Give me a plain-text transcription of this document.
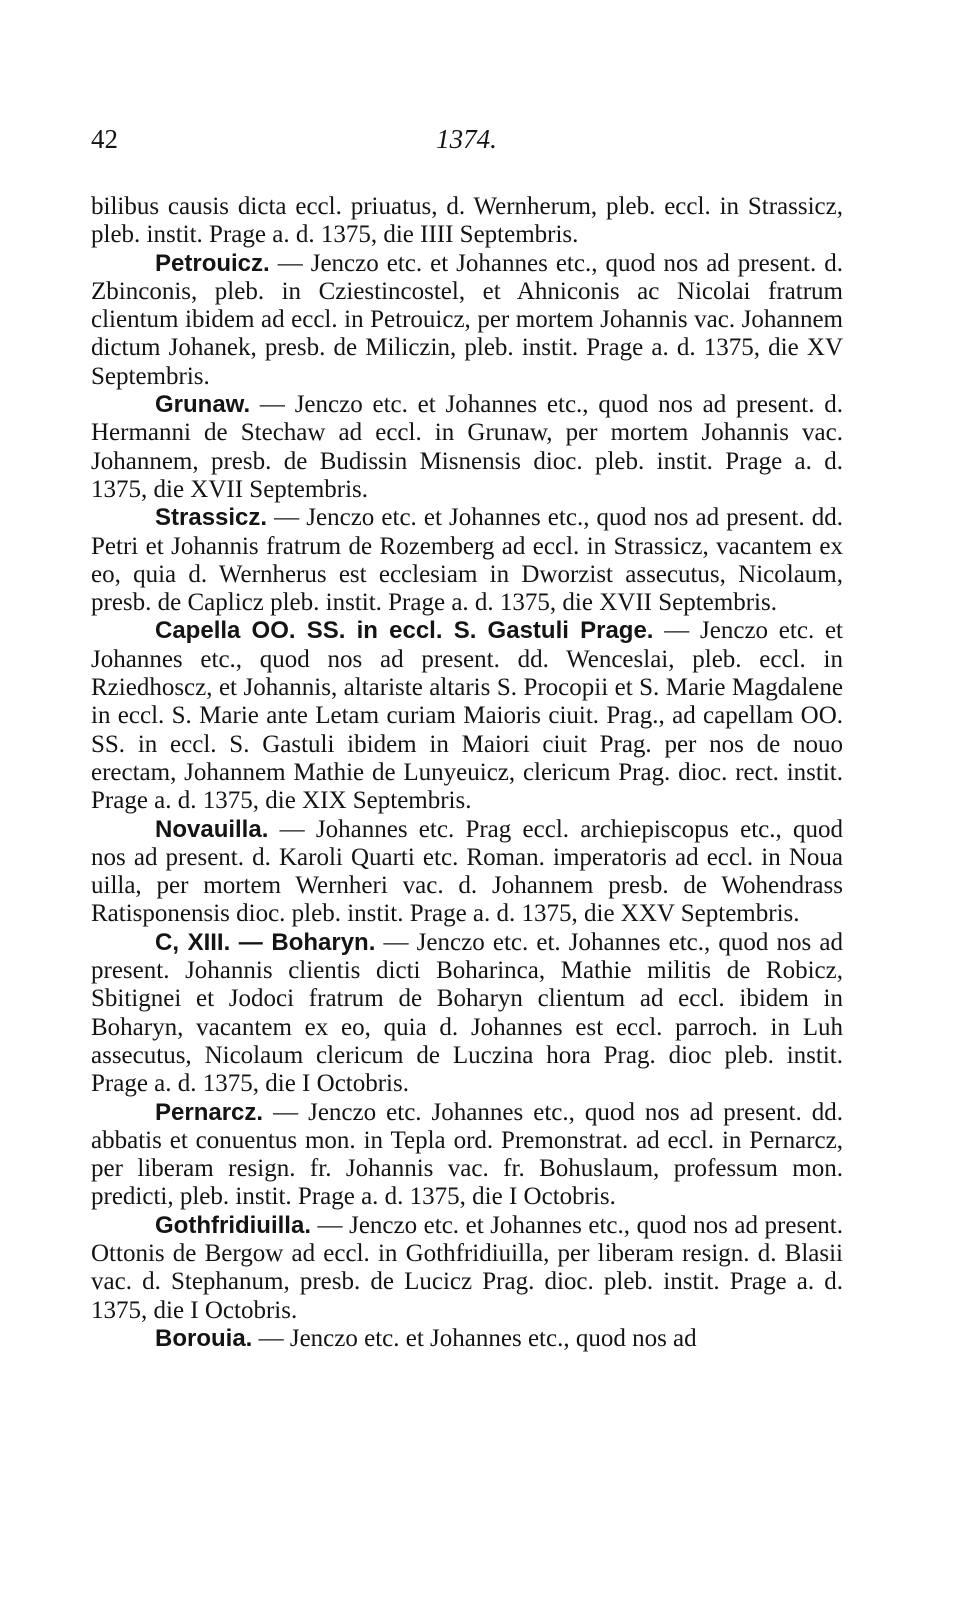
42	1374.

bilibus causis dicta eccl. priuatus, d. Wernherum, pleb. eccl. in Strassicz, pleb. instit. Prage a. d. 1375, die IIII Septembris.

Petrouicz. — Jenczo etc. et Johannes etc., quod nos ad present. d. Zbinconis, pleb. in Cziestincostel, et Ahniconis ac Nicolai fratrum clientum ibidem ad eccl. in Petrouicz, per mortem Johannis vac. Johannem dictum Johanek, presb. de Miliczin, pleb. instit. Prage a. d. 1375, die XV Septembris.

Grunaw. — Jenczo etc. et Johannes etc., quod nos ad present. d. Hermanni de Stechaw ad eccl. in Grunaw, per mortem Johannis vac. Johannem, presb. de Budissin Misnensis dioc. pleb. instit. Prage a. d. 1375, die XVII Septembris.

Strassicz. — Jenczo etc. et Johannes etc., quod nos ad present. dd. Petri et Johannis fratrum de Rozemberg ad eccl. in Strassicz, vacantem ex eo, quia d. Wernherus est ecclesiam in Dworzist assecutus, Nicolaum, presb. de Caplicz pleb. instit. Prage a. d. 1375, die XVII Septembris.

Capella OO. SS. in eccl. S. Gastuli Prage. — Jenczo etc. et Johannes etc., quod nos ad present. dd. Wenceslai, pleb. eccl. in Rziedhoscz, et Johannis, altariste altaris S. Procopii et S. Marie Magdalene in eccl. S. Marie ante Letam curiam Maioris ciuit. Prag., ad capellam OO. SS. in eccl. S. Gastuli ibidem in Maiori ciuit Prag. per nos de nouo erectam, Johannem Mathie de Lunyeuicz, clericum Prag. dioc. rect. instit. Prage a. d. 1375, die XIX Septembris.

Novauilla. — Johannes etc. Prag eccl. archiepiscopus etc., quod nos ad present. d. Karoli Quarti etc. Roman. imperatoris ad eccl. in Noua uilla, per mortem Wernheri vac. d. Johannem presb. de Wohendrass Ratisponensis dioc. pleb. instit. Prage a. d. 1375, die XXV Septembris.

C, XIII. — Boharyn. — Jenczo etc. et. Johannes etc., quod nos ad present. Johannis clientis dicti Boharinca, Mathie militis de Robicz, Sbitignei et Jodoci fratrum de Boharyn clientum ad eccl. ibidem in Boharyn, vacantem ex eo, quia d. Johannes est eccl. parroch. in Luh assecutus, Nicolaum clericum de Luczina hora Prag. dioc pleb. instit. Prage a. d. 1375, die I Octobris.

Pernarcz. — Jenczo etc. Johannes etc., quod nos ad present. dd. abbatis et conuentus mon. in Tepla ord. Premonstrat. ad eccl. in Pernarcz, per liberam resign. fr. Johannis vac. fr. Bohuslaum, professum mon. predicti, pleb. instit. Prage a. d. 1375, die I Octobris.

Gothfridiuilla. — Jenczo etc. et Johannes etc., quod nos ad present. Ottonis de Bergow ad eccl. in Gothfridiuilla, per liberam resign. d. Blasii vac. d. Stephanum, presb. de Lucicz Prag. dioc. pleb. instit. Prage a. d. 1375, die I Octobris.

Borouia. — Jenczo etc. et Johannes etc., quod nos ad
